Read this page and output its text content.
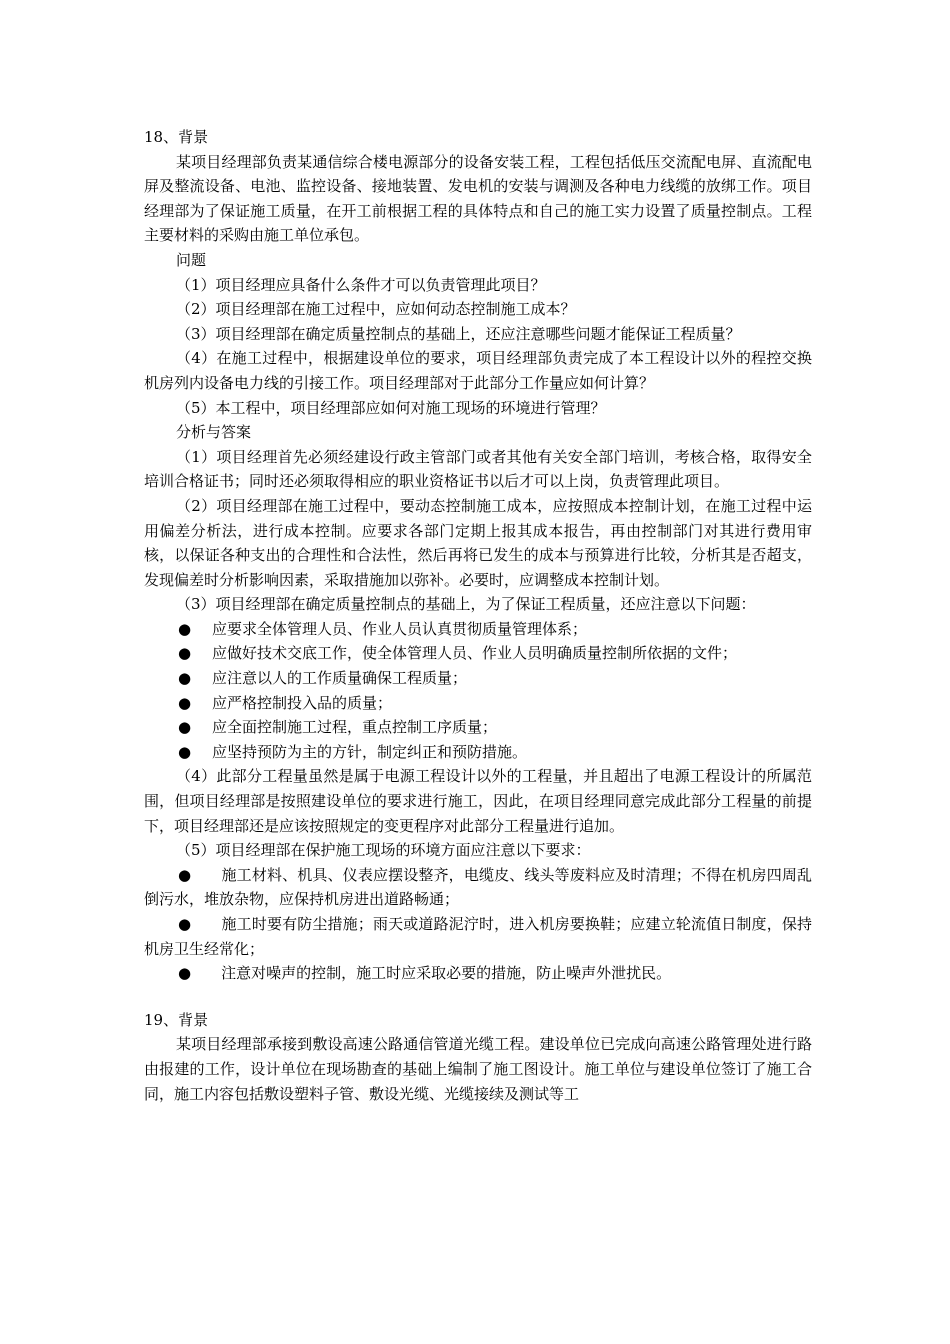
18、背景

某项目经理部负责某通信综合楼电源部分的设备安装工程，工程包括低压交流配电屏、直流配电屏及整流设备、电池、监控设备、接地装置、发电机的安装与调测及各种电力线缆的放绑工作。项目经理部为了保证施工质量，在开工前根据工程的具体特点和自己的施工实力设置了质量控制点。工程主要材料的采购由施工单位承包。

问题

（1）项目经理应具备什么条件才可以负责管理此项目？

（2）项目经理部在施工过程中，应如何动态控制施工成本？

（3）项目经理部在确定质量控制点的基础上，还应注意哪些问题才能保证工程质量？

（4）在施工过程中，根据建设单位的要求，项目经理部负责完成了本工程设计以外的程控交换机房列内设备电力线的引接工作。项目经理部对于此部分工作量应如何计算？

（5）本工程中，项目经理部应如何对施工现场的环境进行管理？

分析与答案

（1）项目经理首先必须经建设行政主管部门或者其他有关安全部门培训，考核合格，取得安全培训合格证书；同时还必须取得相应的职业资格证书以后才可以上岗，负责管理此项目。

（2）项目经理部在施工过程中，要动态控制施工成本，应按照成本控制计划，在施工过程中运用偏差分析法，进行成本控制。应要求各部门定期上报其成本报告，再由控制部门对其进行费用审核，以保证各种支出的合理性和合法性，然后再将已发生的成本与预算进行比较，分析其是否超支，发现偏差时分析影响因素，采取措施加以弥补。必要时，应调整成本控制计划。

（3）项目经理部在确定质量控制点的基础上，为了保证工程质量，还应注意以下问题：

●	应要求全体管理人员、作业人员认真贯彻质量管理体系；
●	应做好技术交底工作，使全体管理人员、作业人员明确质量控制所依据的文件；
●	应注意以人的工作质量确保工程质量；
●	应严格控制投入品的质量；
●	应全面控制施工过程，重点控制工序质量；
●	应坚持预防为主的方针，制定纠正和预防措施。

（4）此部分工程量虽然是属于电源工程设计以外的工程量，并且超出了电源工程设计的所属范围，但项目经理部是按照建设单位的要求进行施工，因此，在项目经理同意完成此部分工程量的前提下，项目经理部还是应该按照规定的变更程序对此部分工程量进行追加。

（5）项目经理部在保护施工现场的环境方面应注意以下要求：

●　　 施工材料、机具、仪表应摆设整齐，电缆皮、线头等废料应及时清理；不得在机房四周乱倒污水，堆放杂物，应保持机房进出道路畅通；

●　　 施工时要有防尘措施；雨天或道路泥泞时，进入机房要换鞋；应建立轮流值日制度，保持机房卫生经常化；

●　　 注意对噪声的控制，施工时应采取必要的措施，防止噪声外泄扰民。

19、背景

某项目经理部承接到敷设高速公路通信管道光缆工程。建设单位已完成向高速公路管理处进行路由报建的工作，设计单位在现场勘查的基础上编制了施工图设计。施工单位与建设单位签订了施工合同，施工内容包括敷设塑料子管、敷设光缆、光缆接续及测试等工
